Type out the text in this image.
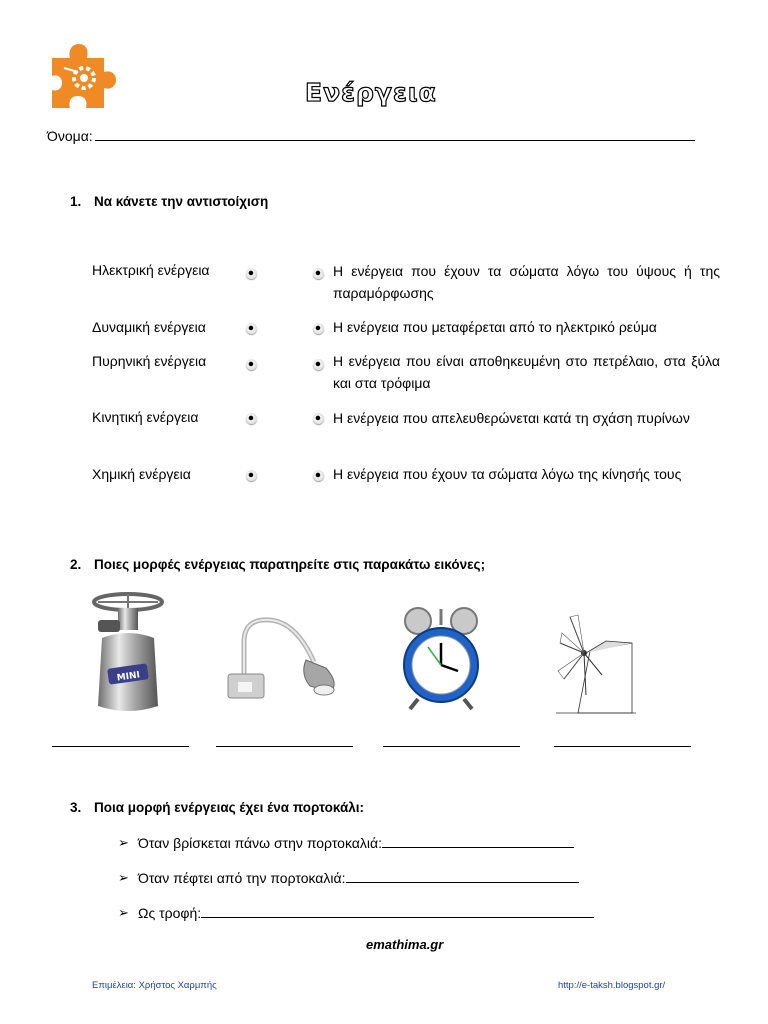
Ενέργεια
Όνομα:
1. Να κάνετε την αντιστοίχιση
Ηλεκτρική ενέργεια
Δυναμική ενέργεια
Πυρηνική ενέργεια
Κινητική ενέργεια
Χημική ενέργεια
Η ενέργεια που έχουν τα σώματα λόγω του ύψους ή της παραμόρφωσης
Η ενέργεια που μεταφέρεται από το ηλεκτρικό ρεύμα
Η ενέργεια που είναι αποθηκευμένη στο πετρέλαιο, στα ξύλα και στα τρόφιμα
Η ενέργεια που απελευθερώνεται κατά τη σχάση πυρίνων
Η ενέργεια που έχουν τα σώματα λόγω της κίνησής τους
2. Ποιες μορφές ενέργειας παρατηρείτε στις παρακάτω εικόνες;
MINI
3. Ποια μορφή ενέργειας έχει ένα πορτοκάλι:
➢ Όταν βρίσκεται πάνω στην πορτοκαλιά:
➢ Όταν πέφτει από την πορτοκαλιά:
➢ Ως τροφή:
emathima.gr
Επιμέλεια: Χρήστος Χαρμπής	http://e-taksh.blogspot.gr/
